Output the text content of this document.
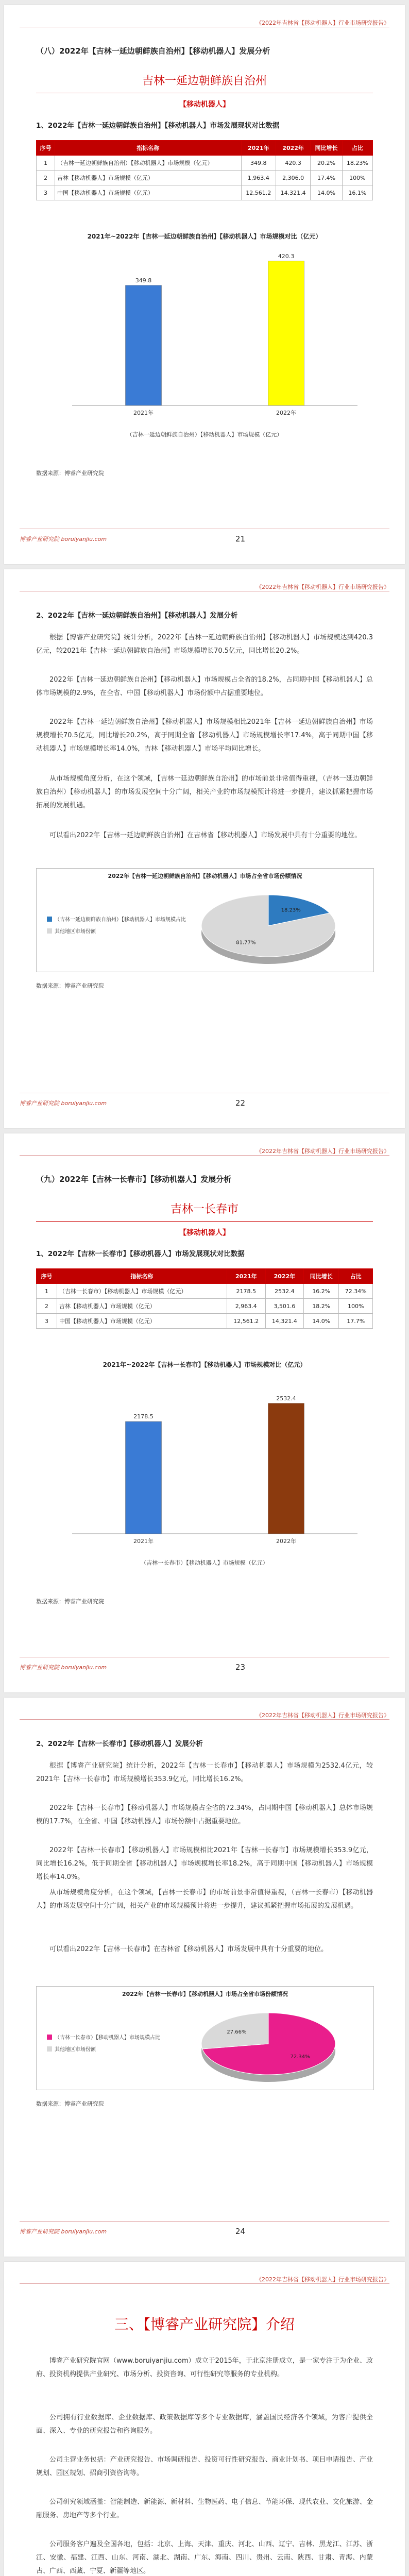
《2022年吉林省【移动机器人】行业市场研究报告》
（八）2022年【吉林一延边朝鲜族自治州】【移动机器人】发展分析
吉林一延边朝鲜族自治州
【移动机器人】
1、2022年【吉林一延边朝鲜族自治州】【移动机器人】市场发展现状对比数据
序号	指标名称	2021年	2022年	同比增长	占比
1	（吉林一延边朝鲜族自治州）【移动机器人】市场规模（亿元）	349.8	420.3	20.2%	18.23%
2	吉林【移动机器人】市场规模（亿元）	1,963.4	2,306.0	17.4%	100%
3	中国【移动机器人】市场规模（亿元）	12,561.2	14,321.4	14.0%	16.1%
2021年~2022年【吉林一延边朝鲜族自治州】【移动机器人】市场规模对比（亿元）
349.8
2021年
420.3
2022年
（吉林一延边朝鲜族自治州）【移动机器人】市场规模（亿元）
数据来源：博睿产业研究院
博睿产业研究院 boruiyanjiu.com	21
《2022年吉林省【移动机器人】行业市场研究报告》
2、2022年【吉林一延边朝鲜族自治州】【移动机器人】发展分析
根据【博睿产业研究院】统计分析，2022年【吉林一延边朝鲜族自治州】【移动机器人】市场规模达到420.3亿元，较2021年【吉林一延边朝鲜族自治州】市场规模增长70.5亿元，同比增长20.2%。
2022年【吉林一延边朝鲜族自治州】【移动机器人】市场规模占全省的18.2%，占同期中国【移动机器人】总体市场规模的2.9%，在全省、中国【移动机器人】市场份额中占据重要地位。
2022年【吉林一延边朝鲜族自治州】【移动机器人】市场规模相比2021年【吉林一延边朝鲜族自治州】市场规模增长70.5亿元，同比增长20.2%，高于同期全省【移动机器人】市场规模增长率17.4%，高于同期中国【移动机器人】市场规模增长率14.0%，吉林【移动机器人】市场平均同比增长。
从市场规模角度分析，在这个领域，【吉林一延边朝鲜族自治州】的市场前景非常值得重视，（吉林一延边朝鲜族自治州）【移动机器人】的市场发展空间十分广阔，相关产业的市场规模预计将进一步提升，建议抓紧把握市场拓展的发展机遇。
可以看出2022年【吉林一延边朝鲜族自治州】在吉林省【移动机器人】市场发展中具有十分重要的地位。
2022年【吉林一延边朝鲜族自治州】【移动机器人】市场占全省市场份额情况
（吉林一延边朝鲜族自治州）【移动机器人】市场规模占比
其他地区市场份额
18.23%
81.77%
数据来源：博睿产业研究院
博睿产业研究院 boruiyanjiu.com	22
《2022年吉林省【移动机器人】行业市场研究报告》
（九）2022年【吉林一长春市】【移动机器人】发展分析
吉林一长春市
【移动机器人】
1、2022年【吉林一长春市】【移动机器人】市场发展现状对比数据
序号	指标名称	2021年	2022年	同比增长	占比
1	（吉林一长春市）【移动机器人】市场规模（亿元）	2178.5	2532.4	16.2%	72.34%
2	吉林【移动机器人】市场规模（亿元）	2,963.4	3,501.6	18.2%	100%
3	中国【移动机器人】市场规模（亿元）	12,561.2	14,321.4	14.0%	17.7%
2021年~2022年【吉林一长春市】【移动机器人】市场规模对比（亿元）
2178.5
2021年
2532.4
2022年
（吉林一长春市）【移动机器人】市场规模（亿元）
数据来源：博睿产业研究院
博睿产业研究院 boruiyanjiu.com	23
《2022年吉林省【移动机器人】行业市场研究报告》
2、2022年【吉林一长春市】【移动机器人】发展分析
根据【博睿产业研究院】统计分析，2022年【吉林一长春市】【移动机器人】市场规模为2532.4亿元，较2021年【吉林一长春市】市场规模增长353.9亿元，同比增长16.2%。
2022年【吉林一长春市】【移动机器人】市场规模占全省的72.34%，占同期中国【移动机器人】总体市场规模的17.7%，在全省、中国【移动机器人】市场份额中占据重要地位。
2022年【吉林一长春市】【移动机器人】市场规模相比2021年【吉林一长春市】市场规模增长353.9亿元，同比增长16.2%，低于同期全省【移动机器人】市场规模增长率18.2%，高于同期中国【移动机器人】市场规模增长率14.0%。
从市场规模角度分析，在这个领域，【吉林一长春市】的市场前景非常值得重视，（吉林一长春市）【移动机器人】的市场发展空间十分广阔，相关产业的市场规模预计将进一步提升，建议抓紧把握市场拓展的发展机遇。
可以看出2022年【吉林一长春市】在吉林省【移动机器人】市场发展中具有十分重要的地位。
2022年【吉林一长春市】【移动机器人】市场占全省市场份额情况
（吉林一长春市）【移动机器人】市场规模占比
其他地区市场份额
72.34%
27.66%
数据来源：博睿产业研究院
博睿产业研究院 boruiyanjiu.com	24
《2022年吉林省【移动机器人】行业市场研究报告》
三、【博睿产业研究院】介绍
博睿产业研究院官网（www.boruiyanjiu.com）成立于2015年，于北京注册成立，是一家专注于为企业、政府、投资机构提供产业研究、市场分析、投资咨询、可行性研究等服务的专业机构。
公司拥有行业数据库、企业数据库、政策数据库等多个专业数据库，涵盖国民经济各个领域，为客户提供全面、深入、专业的研究报告和咨询服务。
公司主营业务包括：产业研究报告、市场调研报告、投资可行性研究报告、商业计划书、项目申请报告、产业规划、园区规划、招商引资咨询等。
公司研究领域涵盖：智能制造、新能源、新材料、生物医药、电子信息、节能环保、现代农业、文化旅游、金融服务、房地产等多个行业。
公司服务客户遍及全国各地，包括：北京、上海、天津、重庆、河北、山西、辽宁、吉林、黑龙江、江苏、浙江、安徽、福建、江西、山东、河南、湖北、湖南、广东、海南、四川、贵州、云南、陕西、甘肃、青海、内蒙古、广西、西藏、宁夏、新疆等地区。
